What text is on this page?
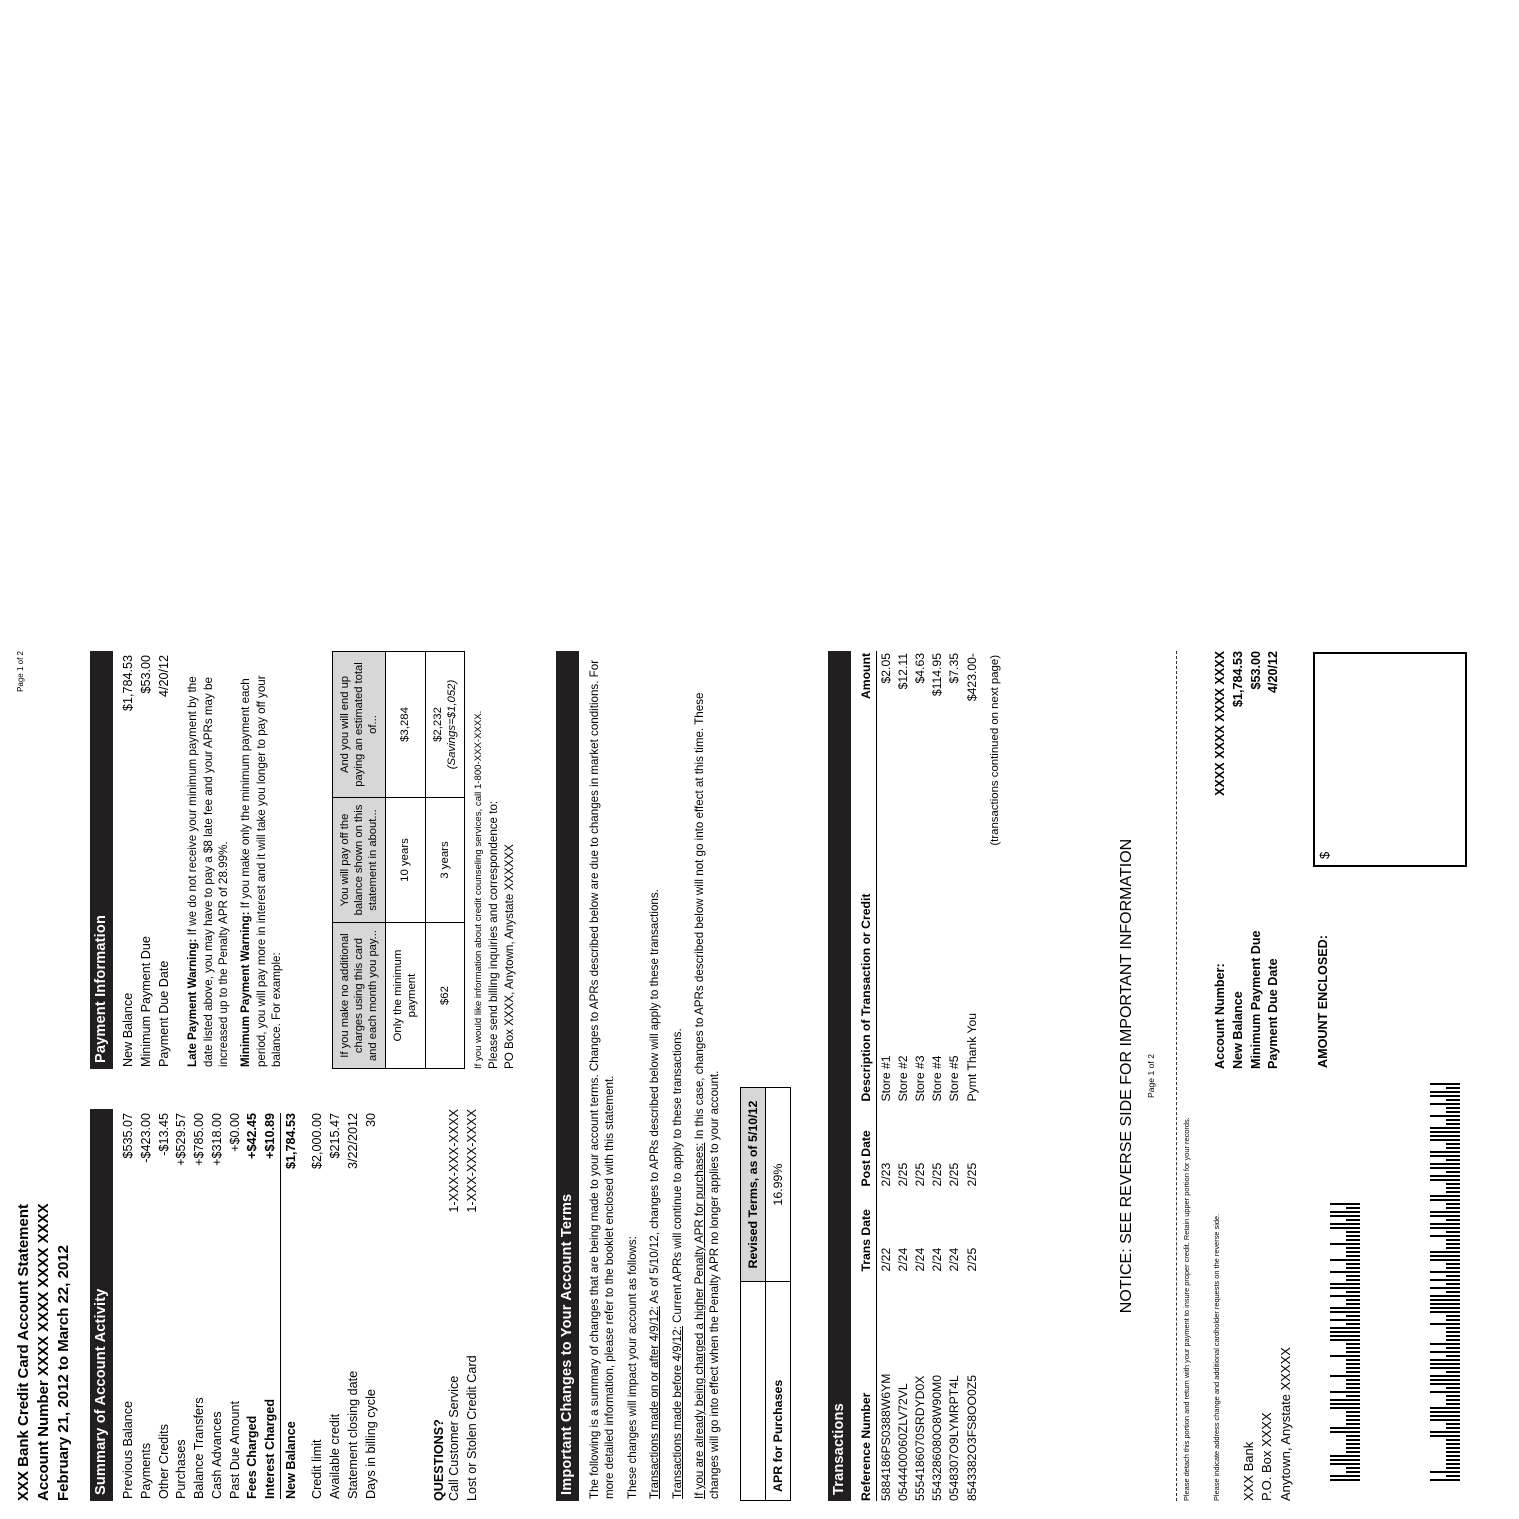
XXX Bank Credit Card Account Statement Account Number XXXX XXXX XXXX XXXX February 21, 2012 to March 22, 2012
Page 1 of 2
Summary of Account Activity Previous Balance	$535.07
Payments	-$423.00
Other Credits	-$13.45
Purchases	+$529.57
Balance Transfers	+$785.00
Cash Advances	+$318.00
Past Due Amount	+$0.00
Fees Charged	+$42.45
Interest Charged	+$10.89
New Balance	$1,784.53

Credit limit	$2,000.00
Available credit	$215.47
Statement closing date	3/22/2012
Days in billing cycle	30
QUESTIONS? Call Customer Service	1-XXX-XXX-XXXX
Lost or Stolen Credit Card	1-XXX-XXX-XXXX
Payment Information New Balance	$1,784.53
Minimum Payment Due	$53.00
Payment Due Date	4/20/12

Late Payment Warning: If we do not receive your minimum payment by the date listed above, you may have to pay a $8 late fee and your APRs may be increased up to the Penalty APR of 28.99%. Minimum Payment Warning: If you make only the minimum payment each period, you will pay more in interest and it will take you longer to pay off your balance. For example:	If you make no additional charges using this card and each month you pay...	You will pay off the balance shown on this statement in about...	And you will end up paying an estimated total of...
Only the minimum payment	10 years	$3,284
$62	3 years	$2,232 (Savings=$1,052) If you would like information about credit counseling services, call 1-800-XXX-XXXX. Please send billing inquiries and correspondence to: PO Box XXXX, Anytown, Anystate XXXXXX
Important Changes to Your Account Terms	The following is a summary of changes that are being made to your account terms. Changes to APRs described below are due to changes in market conditions. For more detailed information, please refer to the booklet enclosed with this statement. These changes will impact your account as follows: Transactions made on or after 4/9/12: As of 5/10/12, changes to APRs described below will apply to these transactions.

Transactions made before 4/9/12: Current APRs will continue to apply to these transactions. If you are already being charged a higher Penalty APR for purchases: In this case, changes to APRs described below will not go into effect at this time. These changes will go into effect when the Penalty APR no longer applies to your account.

	Revised Terms, as of 5/10/12
APR for Purchases	16.99%
Transactions Reference Number	Trans Date	Post Date	Description of Transaction or Credit	Amount
5884186PS0388W6YM	2/22	2/23	Store #1	$2.05
0544400060ZLV72VL	2/24	2/25	Store #2	$12.11
5554186070SRDYD0X	2/24	2/25	Store #3	$4.63
5543286080O8W90M0	2/24	2/25	Store #4	$114.95
0548307O9LYMRPT4L	2/24	2/25	Store #5	$7.35
8543382O3FS8OO0Z5	2/25	2/25	Pymt Thank You	$423.00-
(transactions continued on next page)				
NOTICE: SEE REVERSE SIDE FOR IMPORTANT INFORMATION Page 1 of 2
Please detach this portion and return with your payment to insure proper credit. Retain upper portion for your records.
Account Number:	XXXX XXXX XXXX XXXX
New Balance	$1,784.53
Minimum Payment Due	$53.00
Payment Due Date	4/20/12
AMOUNT ENCLOSED:	
$
Please indicate address change and additional cardholder requests on the reverse side. XXX Bank P.O. Box XXXX Anytown, Anystate XXXXX
